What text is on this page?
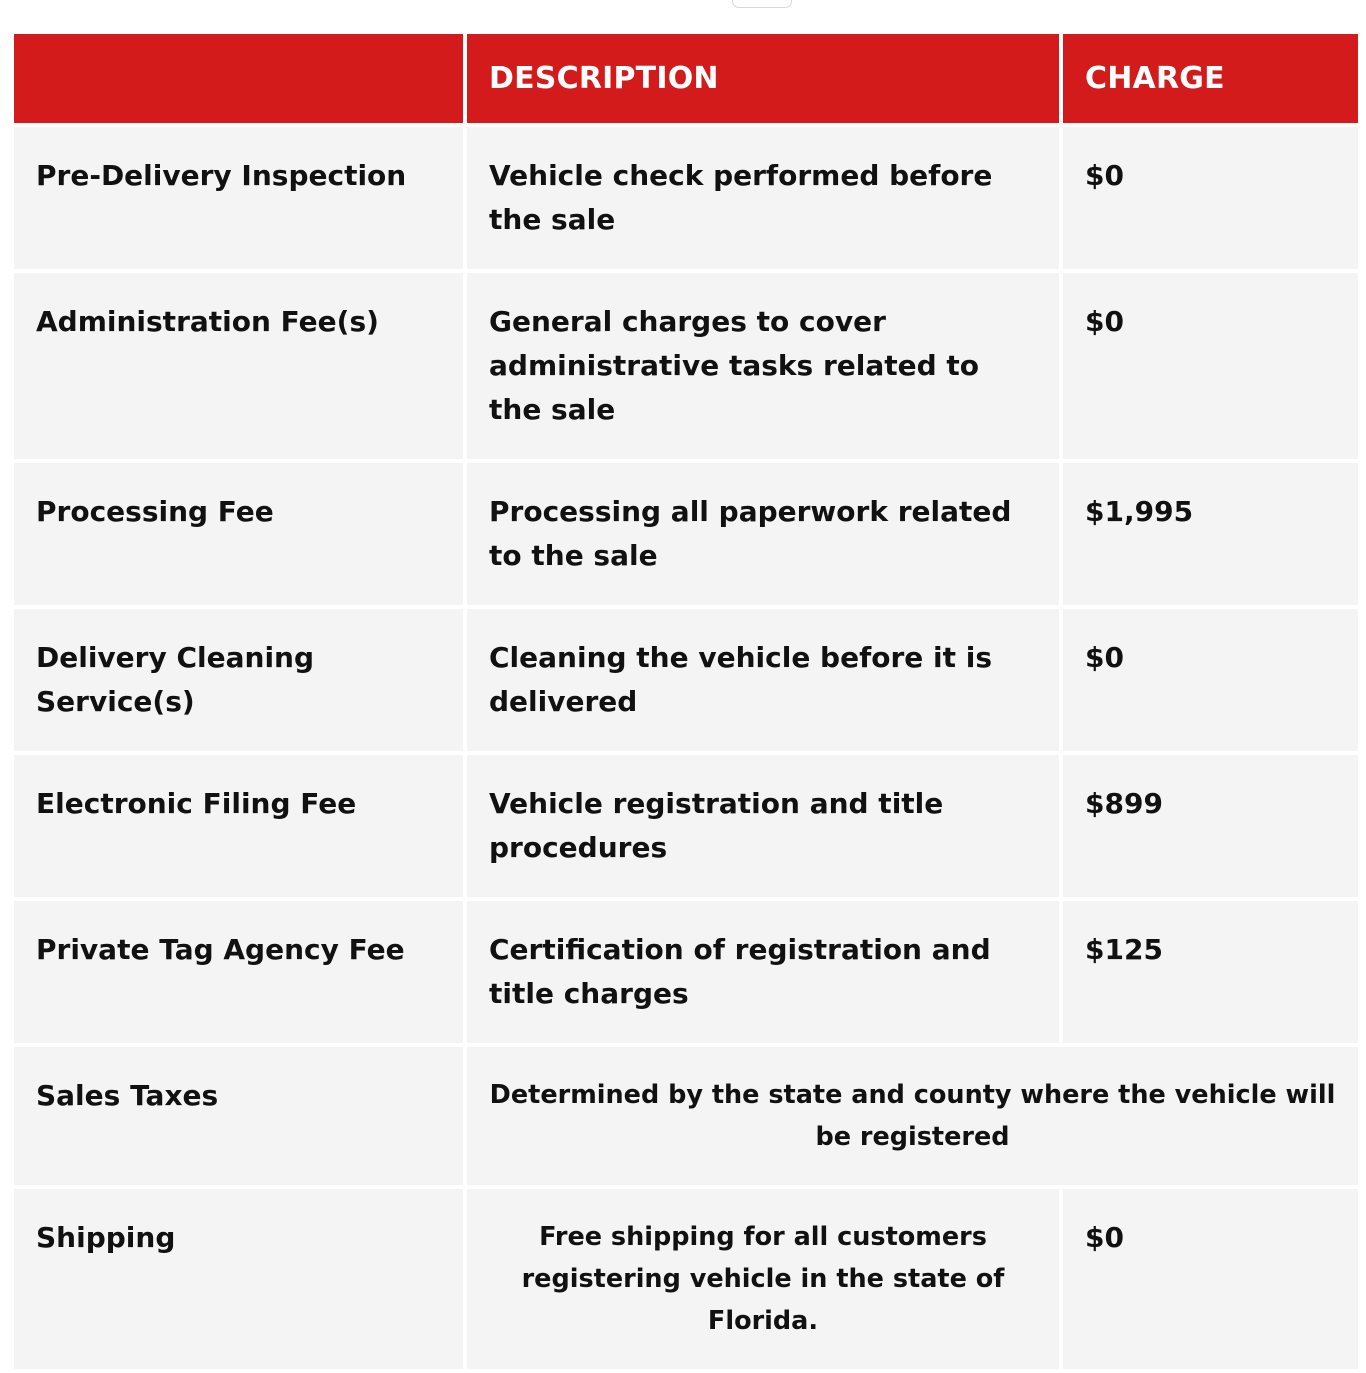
	DESCRIPTION	CHARGE
Pre-Delivery Inspection	Vehicle check performed before the sale	$0
Administration Fee(s)	General charges to cover administrative tasks related to the sale	$0
Processing Fee	Processing all paperwork related to the sale	$1,995
Delivery Cleaning Service(s)	Cleaning the vehicle before it is delivered	$0
Electronic Filing Fee	Vehicle registration and title procedures	$899
Private Tag Agency Fee	Certification of registration and title charges	$125
Sales Taxes	Determined by the state and county where the vehicle will be registered	
Shipping	Free shipping for all customers registering vehicle in the state of Florida.	$0
